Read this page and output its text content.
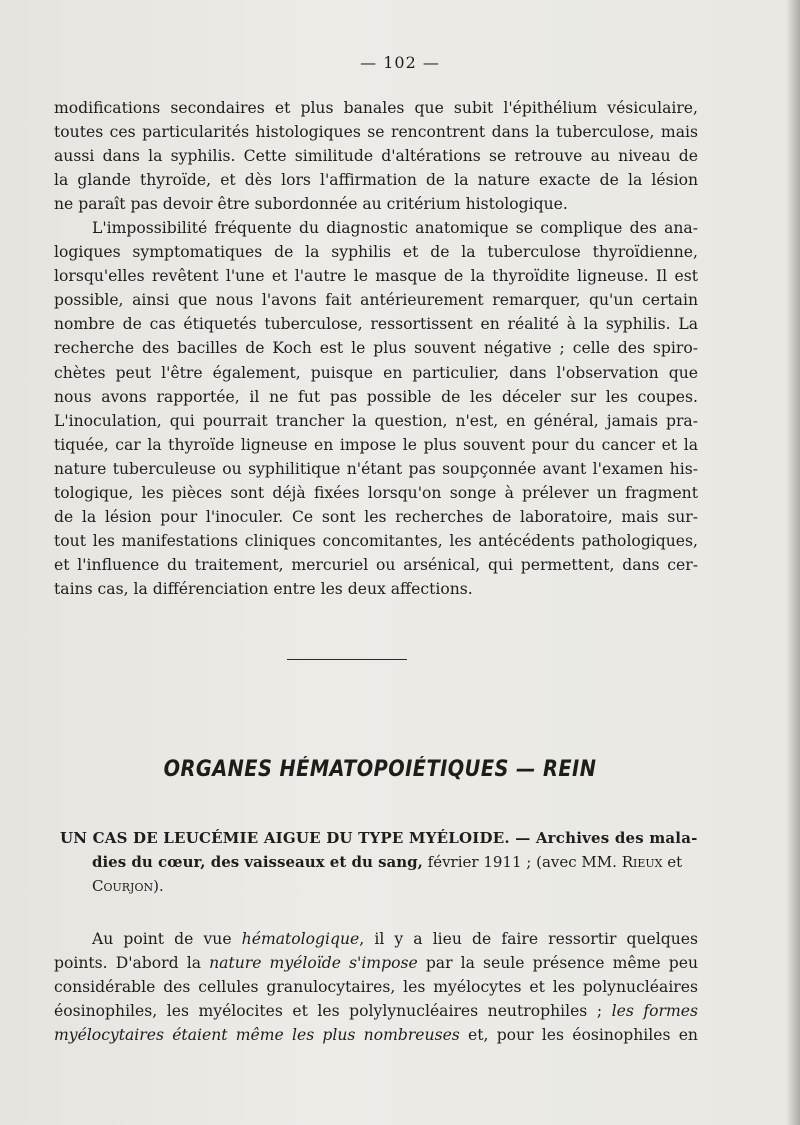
— 102 —
modifications secondaires et plus banales que subit l'épithélium vésiculaire,
toutes ces particularités histologiques se rencontrent dans la tuberculose, mais
aussi dans la syphilis. Cette similitude d'altérations se retrouve au niveau de
la glande thyroïde, et dès lors l'affirmation de la nature exacte de la lésion
ne paraît pas devoir être subordonnée au critérium histologique.
L'impossibilité fréquente du diagnostic anatomique se complique des ana-
logiques symptomatiques de la syphilis et de la tuberculose thyroïdienne,
lorsqu'elles revêtent l'une et l'autre le masque de la thyroïdite ligneuse. Il est
possible, ainsi que nous l'avons fait antérieurement remarquer, qu'un certain
nombre de cas étiquetés tuberculose, ressortissent en réalité à la syphilis. La
recherche des bacilles de Koch est le plus souvent négative ; celle des spiro-
chètes peut l'être également, puisque en particulier, dans l'observation que
nous avons rapportée, il ne fut pas possible de les déceler sur les coupes.
L'inoculation, qui pourrait trancher la question, n'est, en général, jamais pra-
tiquée, car la thyroïde ligneuse en impose le plus souvent pour du cancer et la
nature tuberculeuse ou syphilitique n'étant pas soupçonnée avant l'examen his-
tologique, les pièces sont déjà fixées lorsqu'on songe à prélever un fragment
de la lésion pour l'inoculer. Ce sont les recherches de laboratoire, mais sur-
tout les manifestations cliniques concomitantes, les antécédents pathologiques,
et l'influence du traitement, mercuriel ou arsénical, qui permettent, dans cer-
tains cas, la différenciation entre les deux affections.
ORGANES HÉMATOPOIÉTIQUES — REIN
UN CAS DE LEUCÉMIE AIGUE DU TYPE MYÉLOIDE. — Archives des mala-
dies du cœur, des vaisseaux et du sang, février 1911 ; (avec MM. Rieux et
Courjon).
Au point de vue hématologique, il y a lieu de faire ressortir quelques
points. D'abord la nature myéloïde s'impose par la seule présence même peu
considérable des cellules granulocytaires, les myélocytes et les polynucléaires
éosinophiles, les myélocites et les polylynucléaires neutrophiles ; les formes
myélocytaires étaient même les plus nombreuses et, pour les éosinophiles en
